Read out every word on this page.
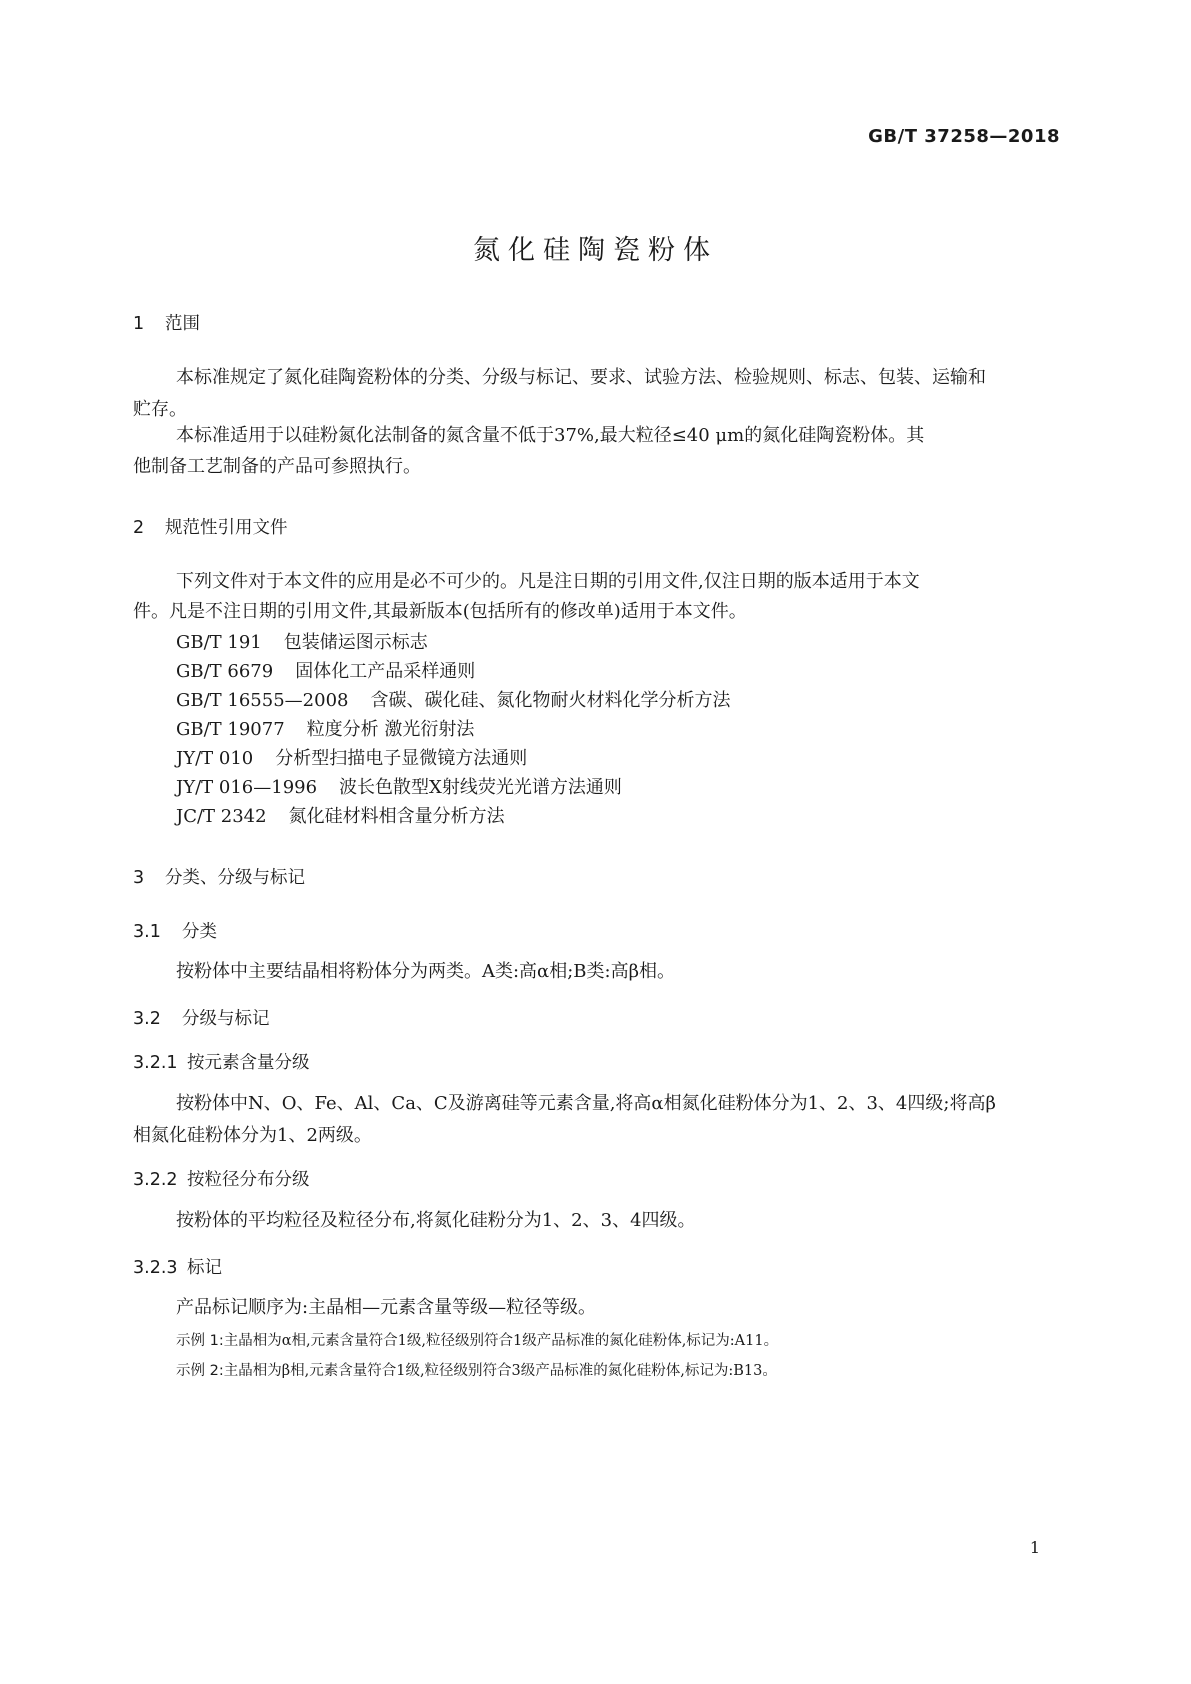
GB/T 37258—2018
氮化硅陶瓷粉体
1 范围
本标准规定了氮化硅陶瓷粉体的分类、分级与标记、要求、试验方法、检验规则、标志、包装、运输和
贮存。
本标准适用于以硅粉氮化法制备的氮含量不低于37%,最大粒径≤40 μm的氮化硅陶瓷粉体。其
他制备工艺制备的产品可参照执行。
2 规范性引用文件
下列文件对于本文件的应用是必不可少的。凡是注日期的引用文件,仅注日期的版本适用于本文
件。凡是不注日期的引用文件,其最新版本(包括所有的修改单)适用于本文件。
GB/T 191 包装储运图示标志
GB/T 6679 固体化工产品采样通则
GB/T 16555—2008 含碳、碳化硅、氮化物耐火材料化学分析方法
GB/T 19077 粒度分析 激光衍射法
JY/T 010 分析型扫描电子显微镜方法通则
JY/T 016—1996 波长色散型X射线荧光光谱方法通则
JC/T 2342 氮化硅材料相含量分析方法
3 分类、分级与标记
3.1 分类
按粉体中主要结晶相将粉体分为两类。A类:高α相;B类:高β相。
3.2 分级与标记
3.2.1 按元素含量分级
按粉体中N、O、Fe、Al、Ca、C及游离硅等元素含量,将高α相氮化硅粉体分为1、2、3、4四级;将高β
相氮化硅粉体分为1、2两级。
3.2.2 按粒径分布分级
按粉体的平均粒径及粒径分布,将氮化硅粉分为1、2、3、4四级。
3.2.3 标记
产品标记顺序为:主晶相—元素含量等级—粒径等级。
示例 1:主晶相为α相,元素含量符合1级,粒径级别符合1级产品标准的氮化硅粉体,标记为:A11。
示例 2:主晶相为β相,元素含量符合1级,粒径级别符合3级产品标准的氮化硅粉体,标记为:B13。
1
